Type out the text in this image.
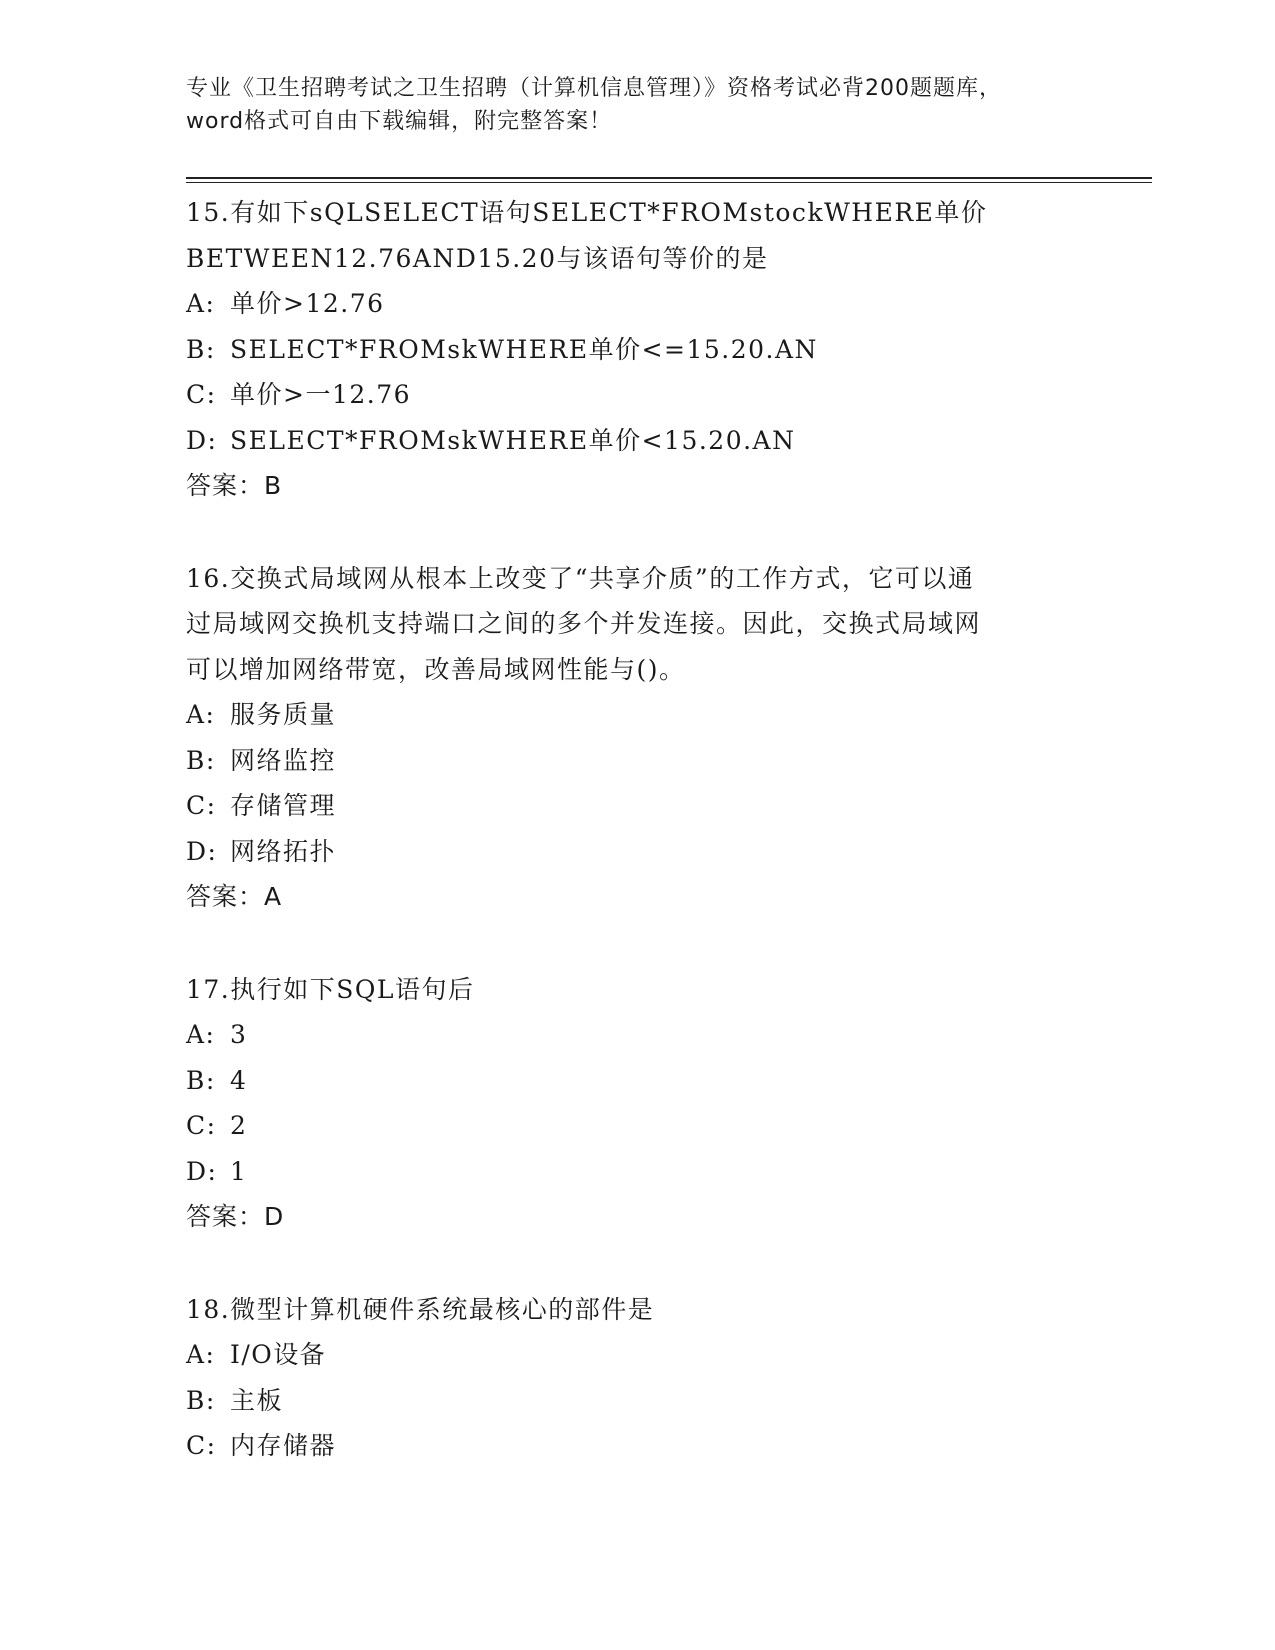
专业《卫生招聘考试之卫生招聘（计算机信息管理）》资格考试必背200题题库，
word格式可自由下载编辑，附完整答案！
15.有如下sQLSELECT语句SELECT*FROMstockWHERE单价
BETWEEN12.76AND15.20与该语句等价的是
A: 单价>12.76
B: SELECT*FROMskWHERE单价<=15.20.AN
C: 单价>一12.76
D: SELECT*FROMskWHERE单价<15.20.AN
答案：B
16.交换式局域网从根本上改变了“共享介质”的工作方式，它可以通
过局域网交换机支持端口之间的多个并发连接。因此，交换式局域网
可以增加网络带宽，改善局域网性能与()。
A: 服务质量
B: 网络监控
C: 存储管理
D: 网络拓扑
答案：A
17.执行如下SQL语句后
A: 3
B: 4
C: 2
D: 1
答案：D
18.微型计算机硬件系统最核心的部件是
A: I/O设备
B: 主板
C: 内存储器
